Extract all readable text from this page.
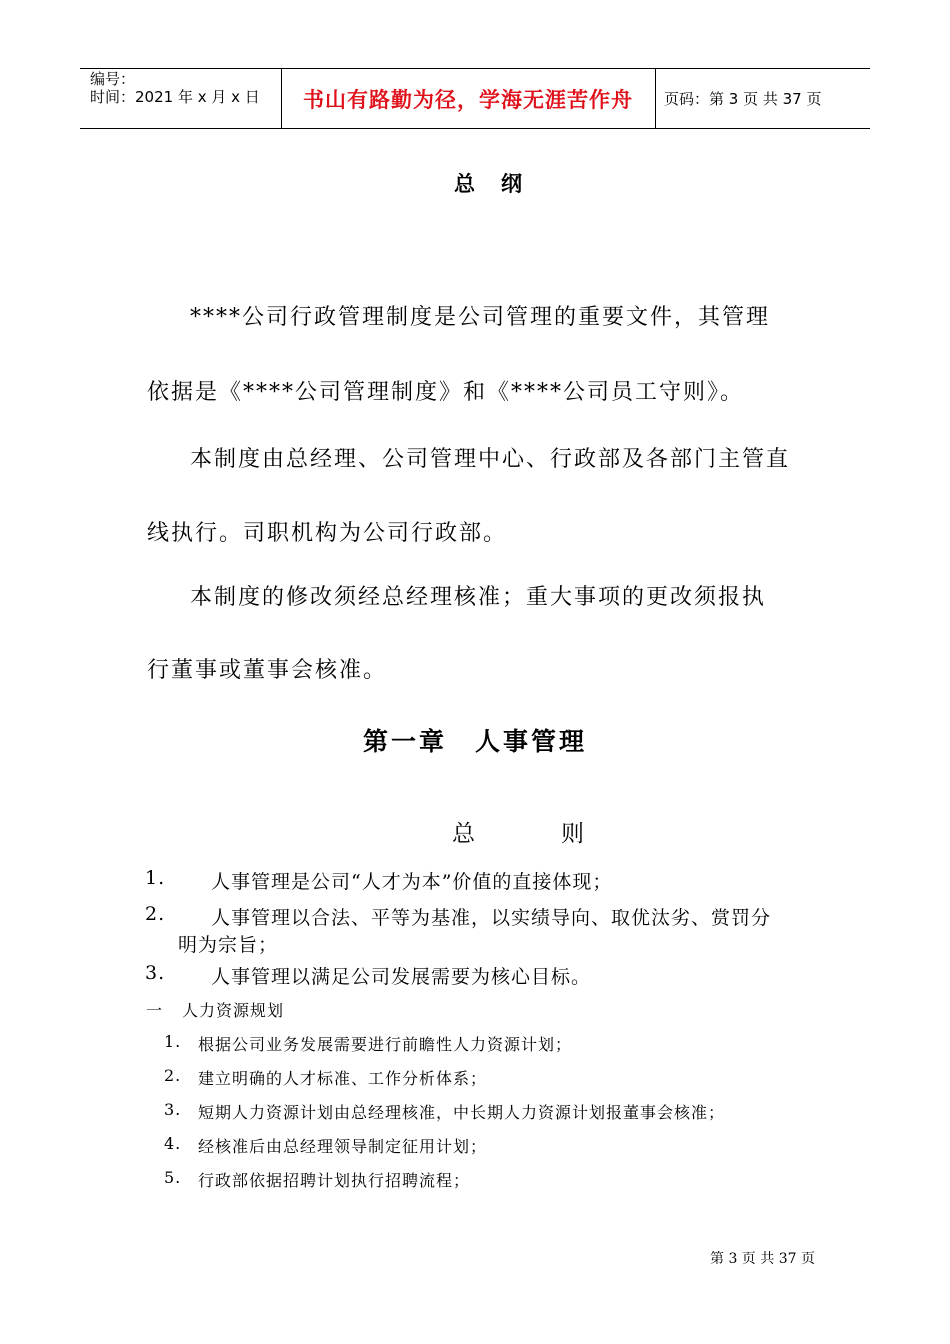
编号：
时间：2021 年 x 月 x 日	书山有路勤为径，学海无涯苦作舟	页码：第 3 页 共 37 页
总纲
****公司行政管理制度是公司管理的重要文件，其管理
依据是《****公司管理制度》和《****公司员工守则》。
本制度由总经理、公司管理中心、行政部及各部门主管直
线执行。司职机构为公司行政部。
本制度的修改须经总经理核准；重大事项的更改须报执
行董事或董事会核准。
第一章　人事管理
总则
1. 人事管理是公司“人才为本”价值的直接体现；
2. 人事管理以合法、平等为基准，以实绩导向、取优汰劣、赏罚分
明为宗旨；
3. 人事管理以满足公司发展需要为核心目标。
一 人力资源规划
1. 根据公司业务发展需要进行前瞻性人力资源计划；
2. 建立明确的人才标准、工作分析体系；
3. 短期人力资源计划由总经理核准，中长期人力资源计划报董事会核准；
4. 经核准后由总经理领导制定征用计划；
5. 行政部依据招聘计划执行招聘流程；
第 3 页 共 37 页
